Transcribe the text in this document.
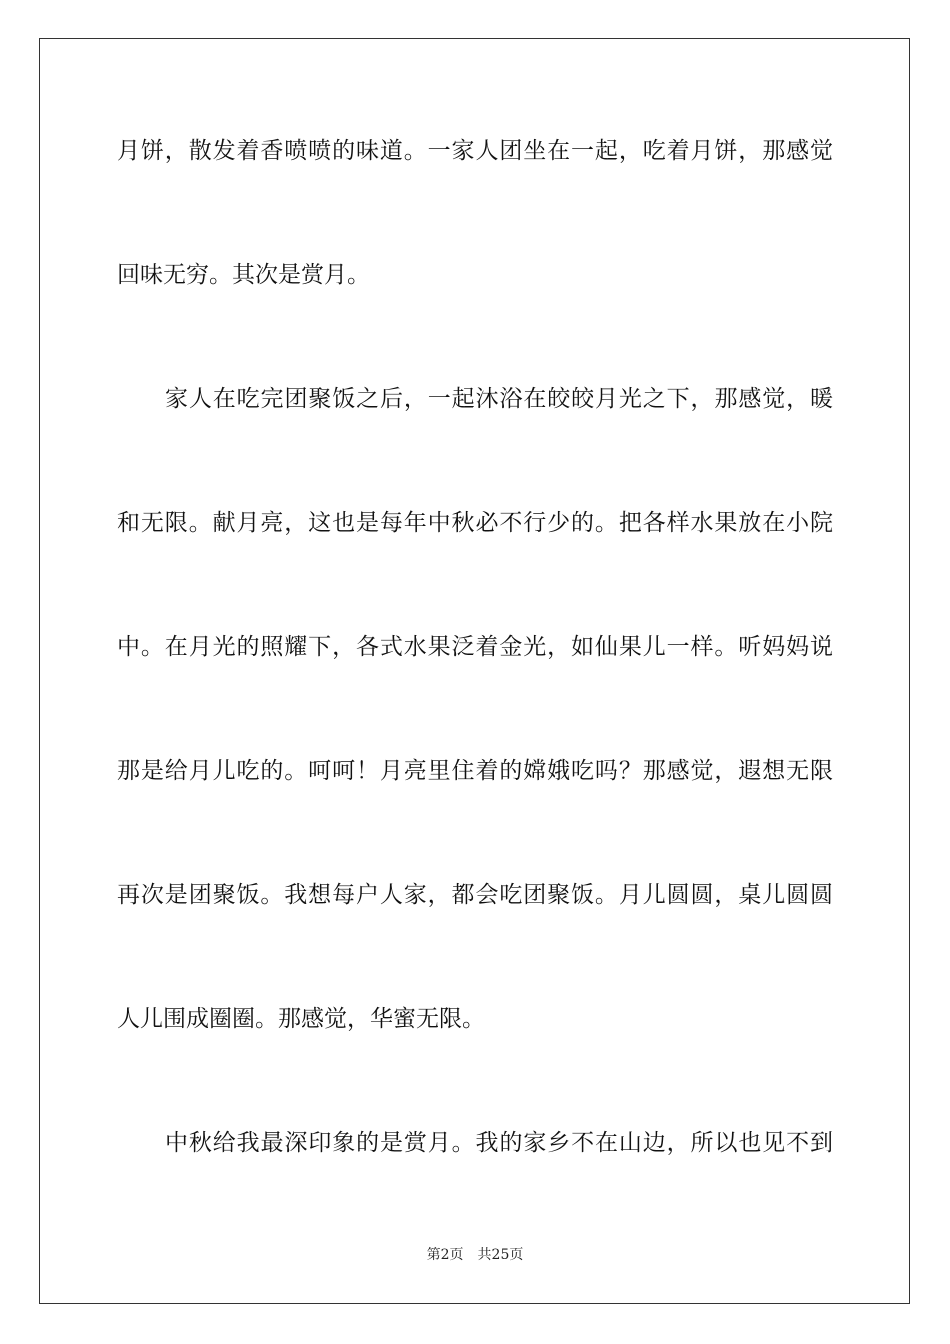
月饼，散发着香喷喷的味道。一家人团坐在一起，吃着月饼，那感觉
回味无穷。其次是赏月。
家人在吃完团聚饭之后，一起沐浴在皎皎月光之下，那感觉，暖
和无限。献月亮，这也是每年中秋必不行少的。把各样水果放在小院
中。在月光的照耀下，各式水果泛着金光，如仙果儿一样。听妈妈说
那是给月儿吃的。呵呵！月亮里住着的嫦娥吃吗？那感觉，遐想无限
再次是团聚饭。我想每户人家，都会吃团聚饭。月儿圆圆，桌儿圆圆
人儿围成圈圈。那感觉，华蜜无限。
中秋给我最深印象的是赏月。我的家乡不在山边，所以也见不到
第2页 共25页
